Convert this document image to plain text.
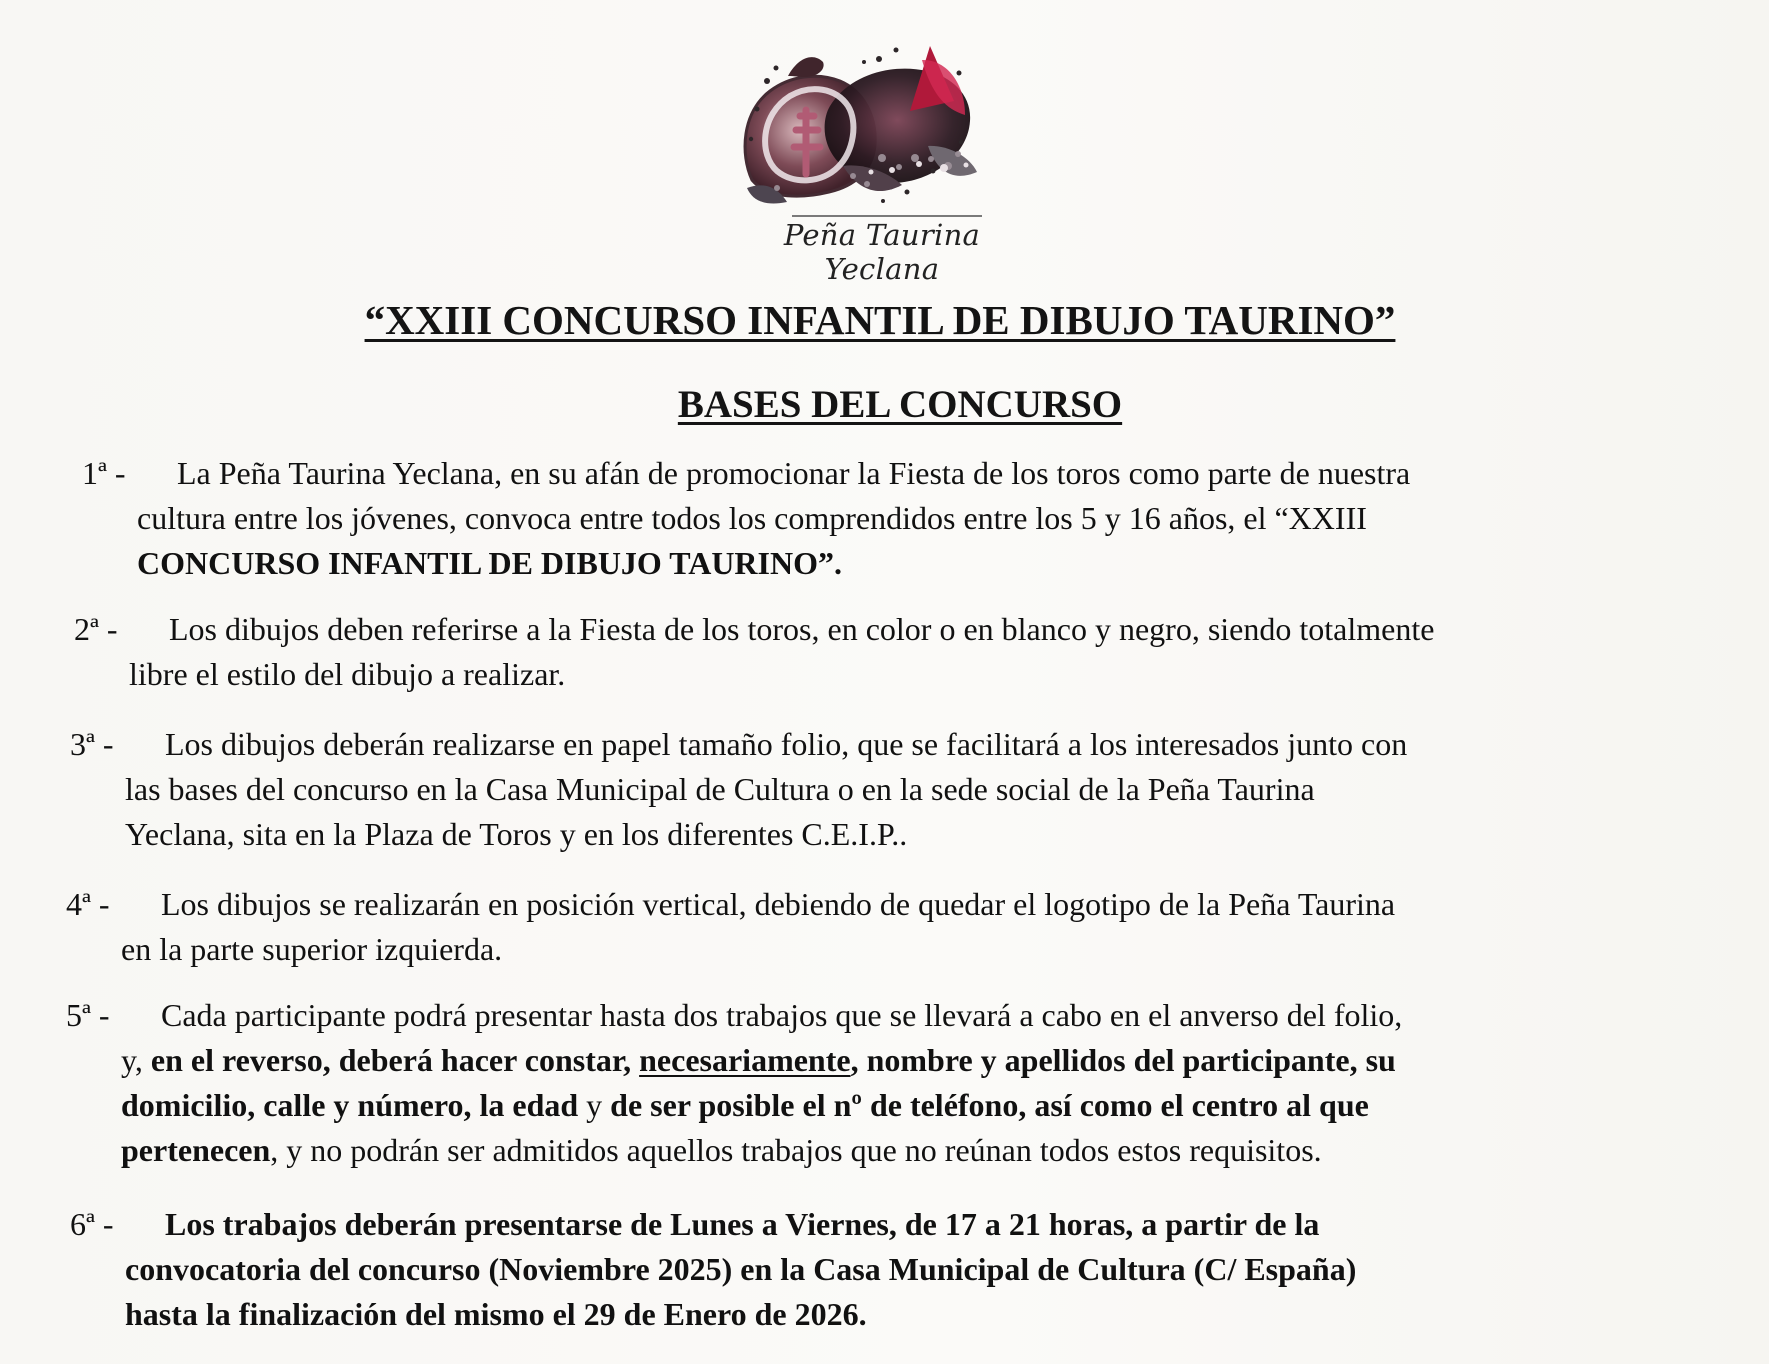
Peña Taurina Yeclana
“XXIII CONCURSO INFANTIL DE DIBUJO TAURINO”
BASES DEL CONCURSO
1ª -	La Peña Taurina Yeclana, en su afán de promocionar la Fiesta de los toros como parte de nuestra
cultura entre los jóvenes, convoca entre todos los comprendidos entre los 5 y 16 años, el “XXIII
CONCURSO INFANTIL DE DIBUJO TAURINO”.
2ª -	Los dibujos deben referirse a la Fiesta de los toros, en color o en blanco y negro, siendo totalmente
libre el estilo del dibujo a realizar.
3ª -	Los dibujos deberán realizarse en papel tamaño folio, que se facilitará a los interesados junto con
las bases del concurso en la Casa Municipal de Cultura o en la sede social de la Peña Taurina
Yeclana, sita en la Plaza de Toros y en los diferentes C.E.I.P..
4ª -	Los dibujos se realizarán en posición vertical, debiendo de quedar el logotipo de la Peña Taurina
en la parte superior izquierda.
5ª -	Cada participante podrá presentar hasta dos trabajos que se llevará a cabo en el anverso del folio,
y, en el reverso, deberá hacer constar, necesariamente, nombre y apellidos del participante, su
domicilio, calle y número, la edad y de ser posible el nº de teléfono, así como el centro al que
pertenecen, y no podrán ser admitidos aquellos trabajos que no reúnan todos estos requisitos.
6ª -	Los trabajos deberán presentarse de Lunes a Viernes, de 17 a 21 horas, a partir de la
convocatoria del concurso (Noviembre 2025) en la Casa Municipal de Cultura (C/ España)
hasta la finalización del mismo el 29 de Enero de 2026.
